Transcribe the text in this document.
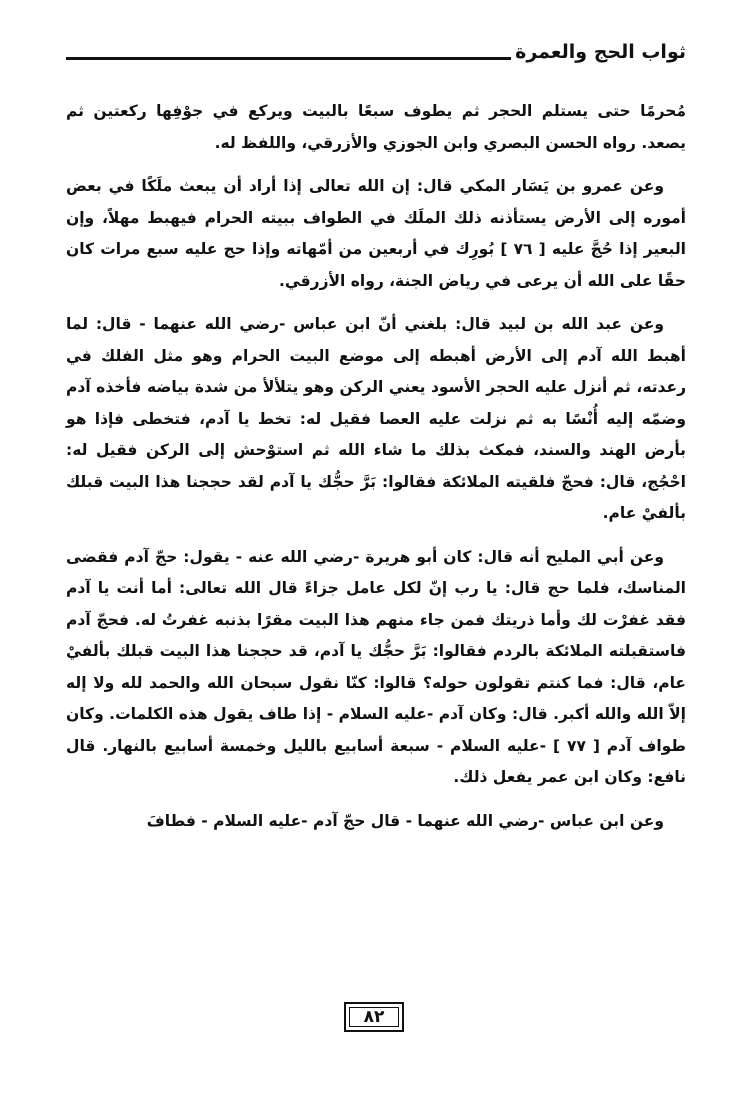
ثواب الحج والعمرة

مُحرمًا حتى يستلم الحجر ثم يطوف سبعًا بالبيت ويركع في جوْفِها ركعتين ثم يصعد. رواه الحسن البصري وابن الجوزي والأزرقي، واللفظ له.

وعن عمرو بن يَسَار المكي قال: إن الله تعالى إذا أراد أن يبعث ملَكًا في بعض أموره إلى الأرض يستأذنه ذلك الملَك في الطواف ببيته الحرام فيهبط مهلاً، وإن البعير إذا حُجَّ عليه [ ٧٦ ] بُورِك في أربعين من أمّهاته وإذا حج عليه سبع مرات كان حقًا على الله أن يرعى في رياض الجنة، رواه الأزرقي.

وعن عبد الله بن لبيد قال: بلغني أنّ ابن عباس -رضي الله عنهما - قال: لما أهبط الله آدم إلى الأرض أهبطه إلى موضع البيت الحرام وهو مثل الفلك في رعدته، ثم أنزل عليه الحجر الأسود يعني الركن وهو يتلألأ من شدة بياضه فأخذه آدم وضمّه إليه أُنْسًا به ثم نزلت عليه العصا فقيل له: تخط يا آدم، فتخطى فإذا هو بأرض الهند والسند، فمكث بذلك ما شاء الله ثم استوْحش إلى الركن فقيل له: احْجُج، قال: فحجّ فلقيته الملائكة فقالوا: بَرَّ حجُّك يا آدم لقد حججنا هذا البيت قبلك بألفيْ عام.

وعن أبي المليح أنه قال: كان أبو هريرة -رضي الله عنه - يقول: حجّ آدم فقضى المناسك، فلما حج قال: يا رب إنّ لكل عامل جزاءً قال الله تعالى: أما أنت يا آدم فقد غفرْت لك وأما ذريتك فمن جاء منهم هذا البيت مقرًا بذنبه غفرتُ له. فحجّ آدم فاستقبلته الملائكة بالردم فقالوا: بَرَّ حجُّك يا آدم، قد حججنا هذا البيت قبلك بألفيْ عام، قال: فما كنتم تقولون حوله؟ قالوا: كنّا نقول سبحان الله والحمد لله ولا إله إلاّ الله والله أكبر. قال: وكان آدم -عليه السلام - إذا طاف يقول هذه الكلمات. وكان طواف آدم [ ٧٧ ] -عليه السلام - سبعة أسابيع بالليل وخمسة أسابيع بالنهار. قال نافع: وكان ابن عمر يفعل ذلك.

وعن ابن عباس -رضي الله عنهما - قال حجّ آدم -عليه السلام - فطافَ

٨٢
